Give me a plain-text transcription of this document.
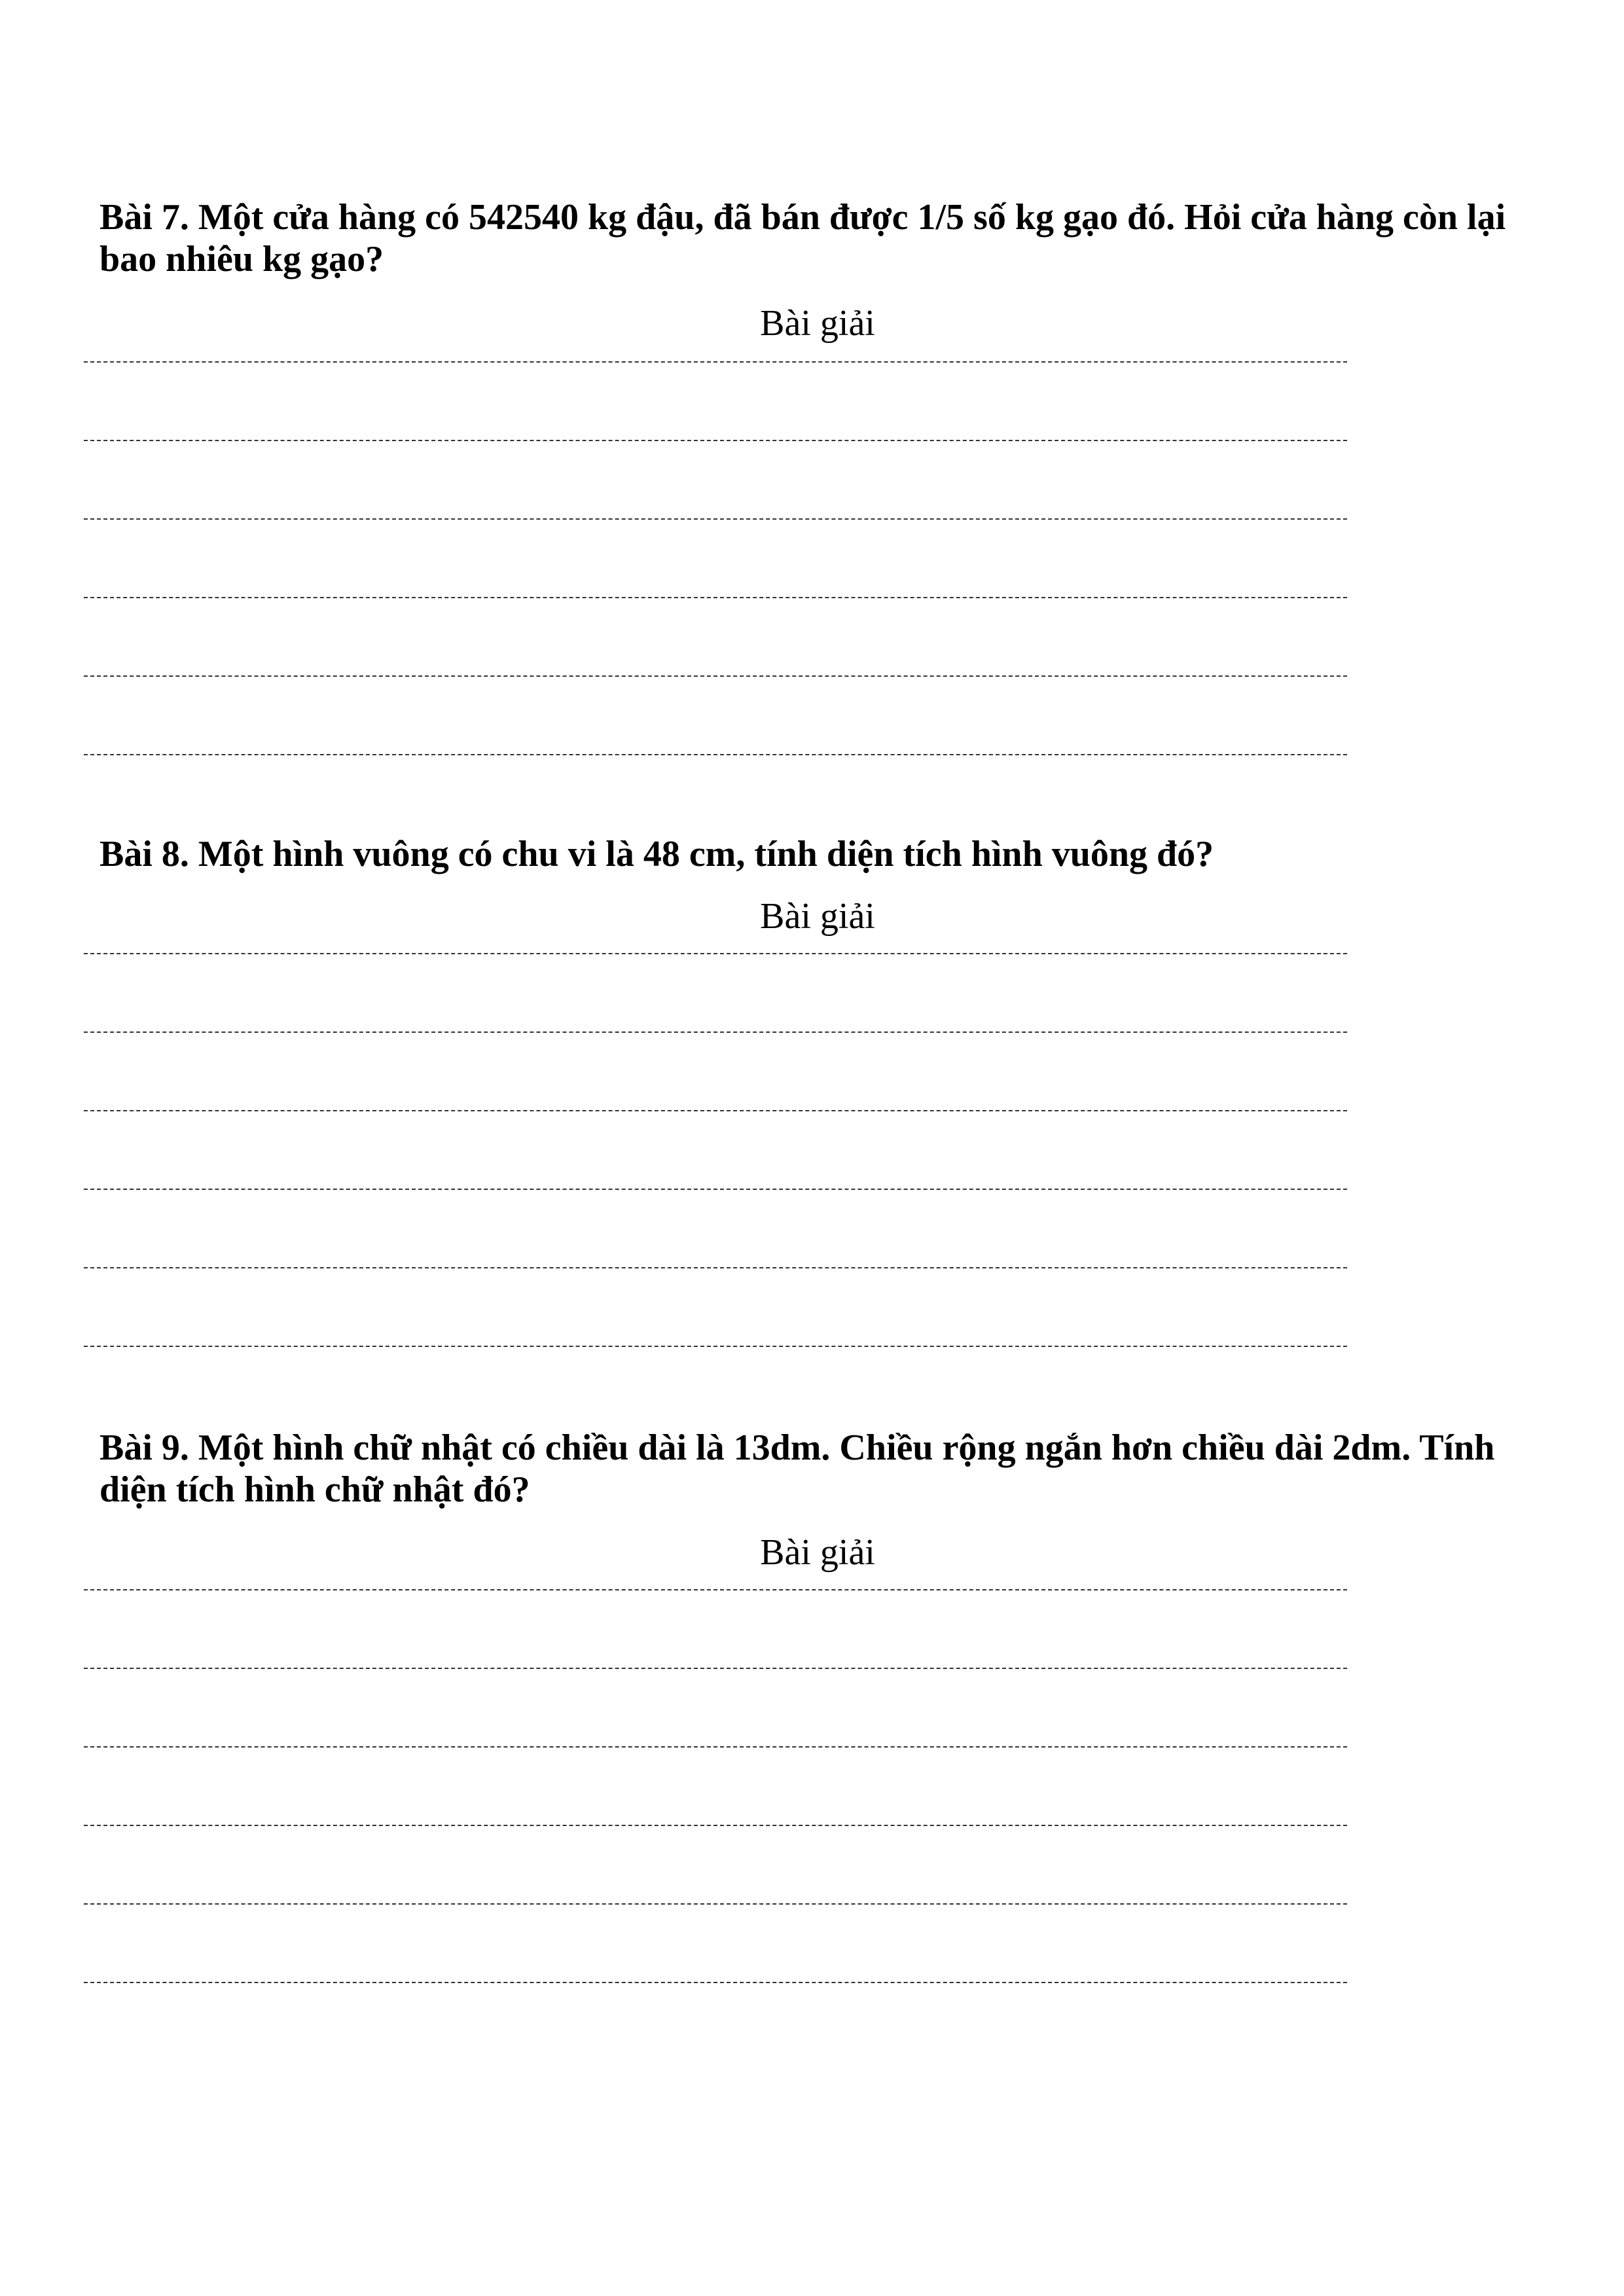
Bài 7. Một cửa hàng có 542540 kg đậu, đã bán được 1/5 số kg gạo đó. Hỏi cửa hàng còn lại bao nhiêu kg gạo?

Bài giải

Bài 8. Một hình vuông có chu vi là 48 cm, tính diện tích hình vuông đó?

Bài giải

Bài 9. Một hình chữ nhật có chiều dài là 13dm. Chiều rộng ngắn hơn chiều dài 2dm. Tính diện tích hình chữ nhật đó?

Bài giải
